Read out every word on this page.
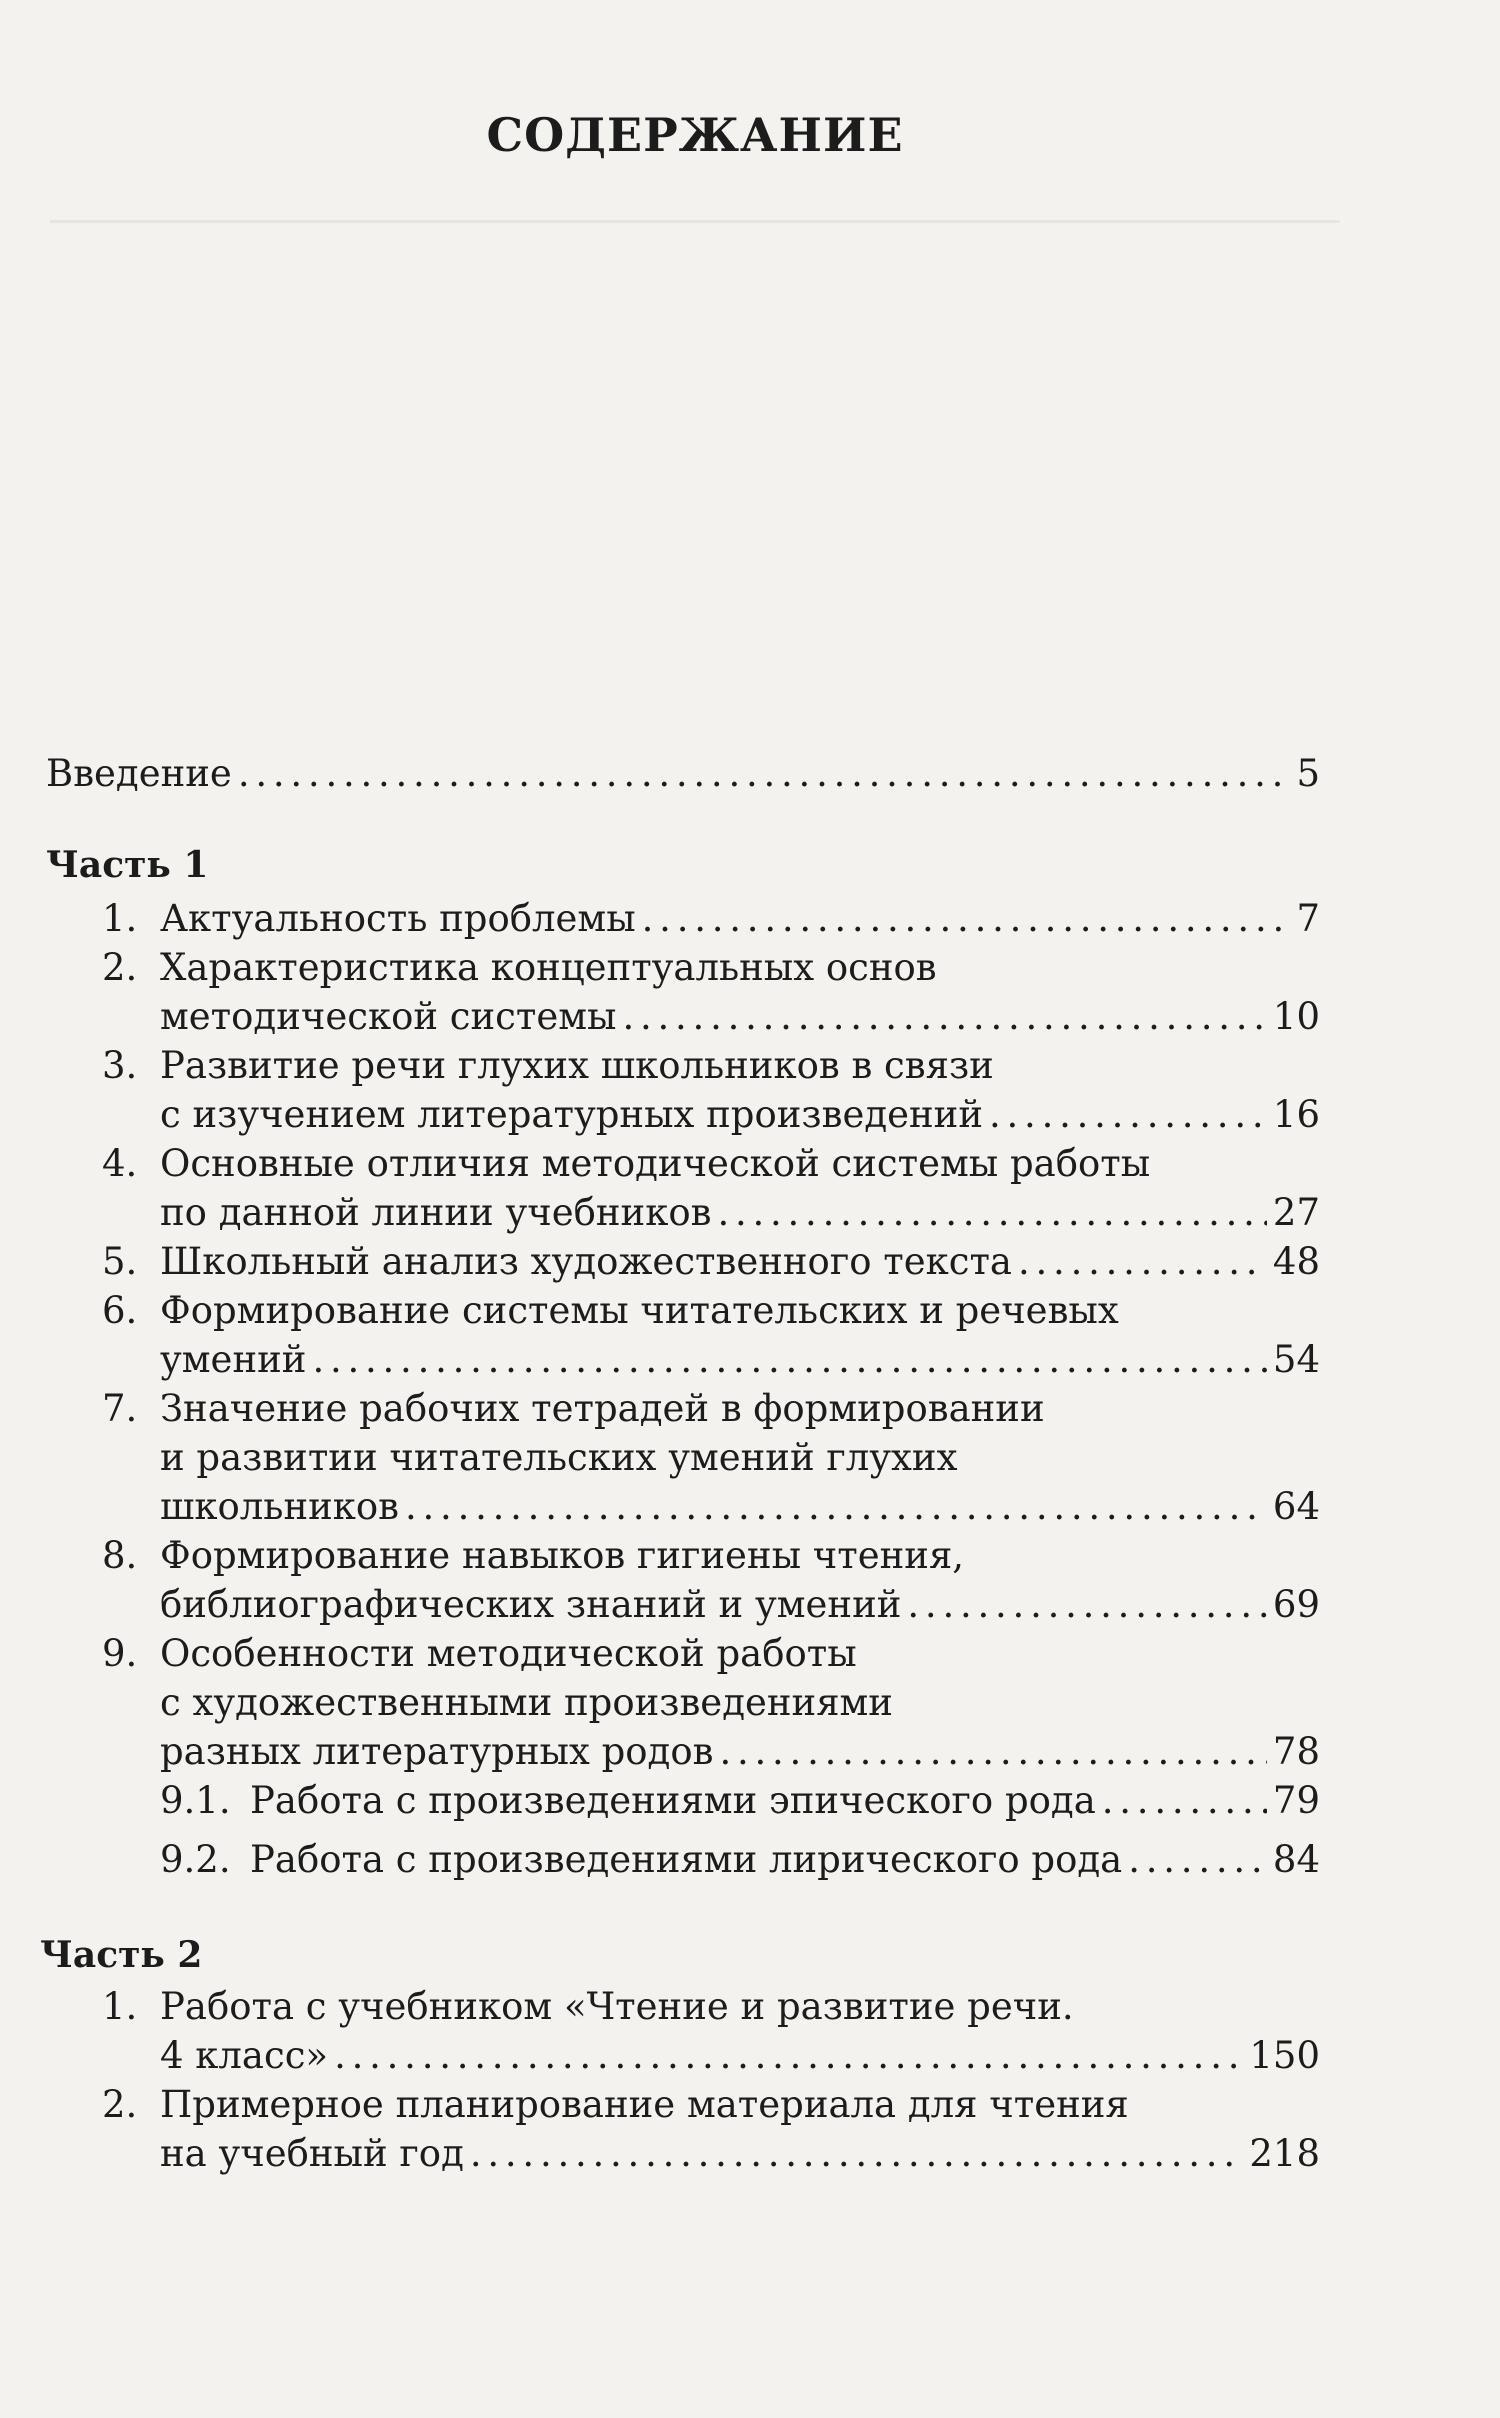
СОДЕРЖАНИЕ
Введение . . .	5
Часть 1
1. Актуальность проблемы . . .	7
2. Характеристика концептуальных основ
методической системы . . .	10
3. Развитие речи глухих школьников в связи
с изучением литературных произведений . . .	16
4. Основные отличия методической системы работы
по данной линии учебников . . .	27
5. Школьный анализ художественного текста . . .	48
6. Формирование системы читательских и речевых
умений . . .	54
7. Значение рабочих тетрадей в формировании
и развитии читательских умений глухих
школьников . . .	64
8. Формирование навыков гигиены чтения,
библиографических знаний и умений . . .	69
9. Особенности методической работы
с художественными произведениями
разных литературных родов . . .	78
9.1. Работа с произведениями эпического рода . . .	79
9.2. Работа с произведениями лирического рода . . .	84
Часть 2
1. Работа с учебником «Чтение и развитие речи.
4 класс» . . .	150
2. Примерное планирование материала для чтения
на учебный год . . .	218
